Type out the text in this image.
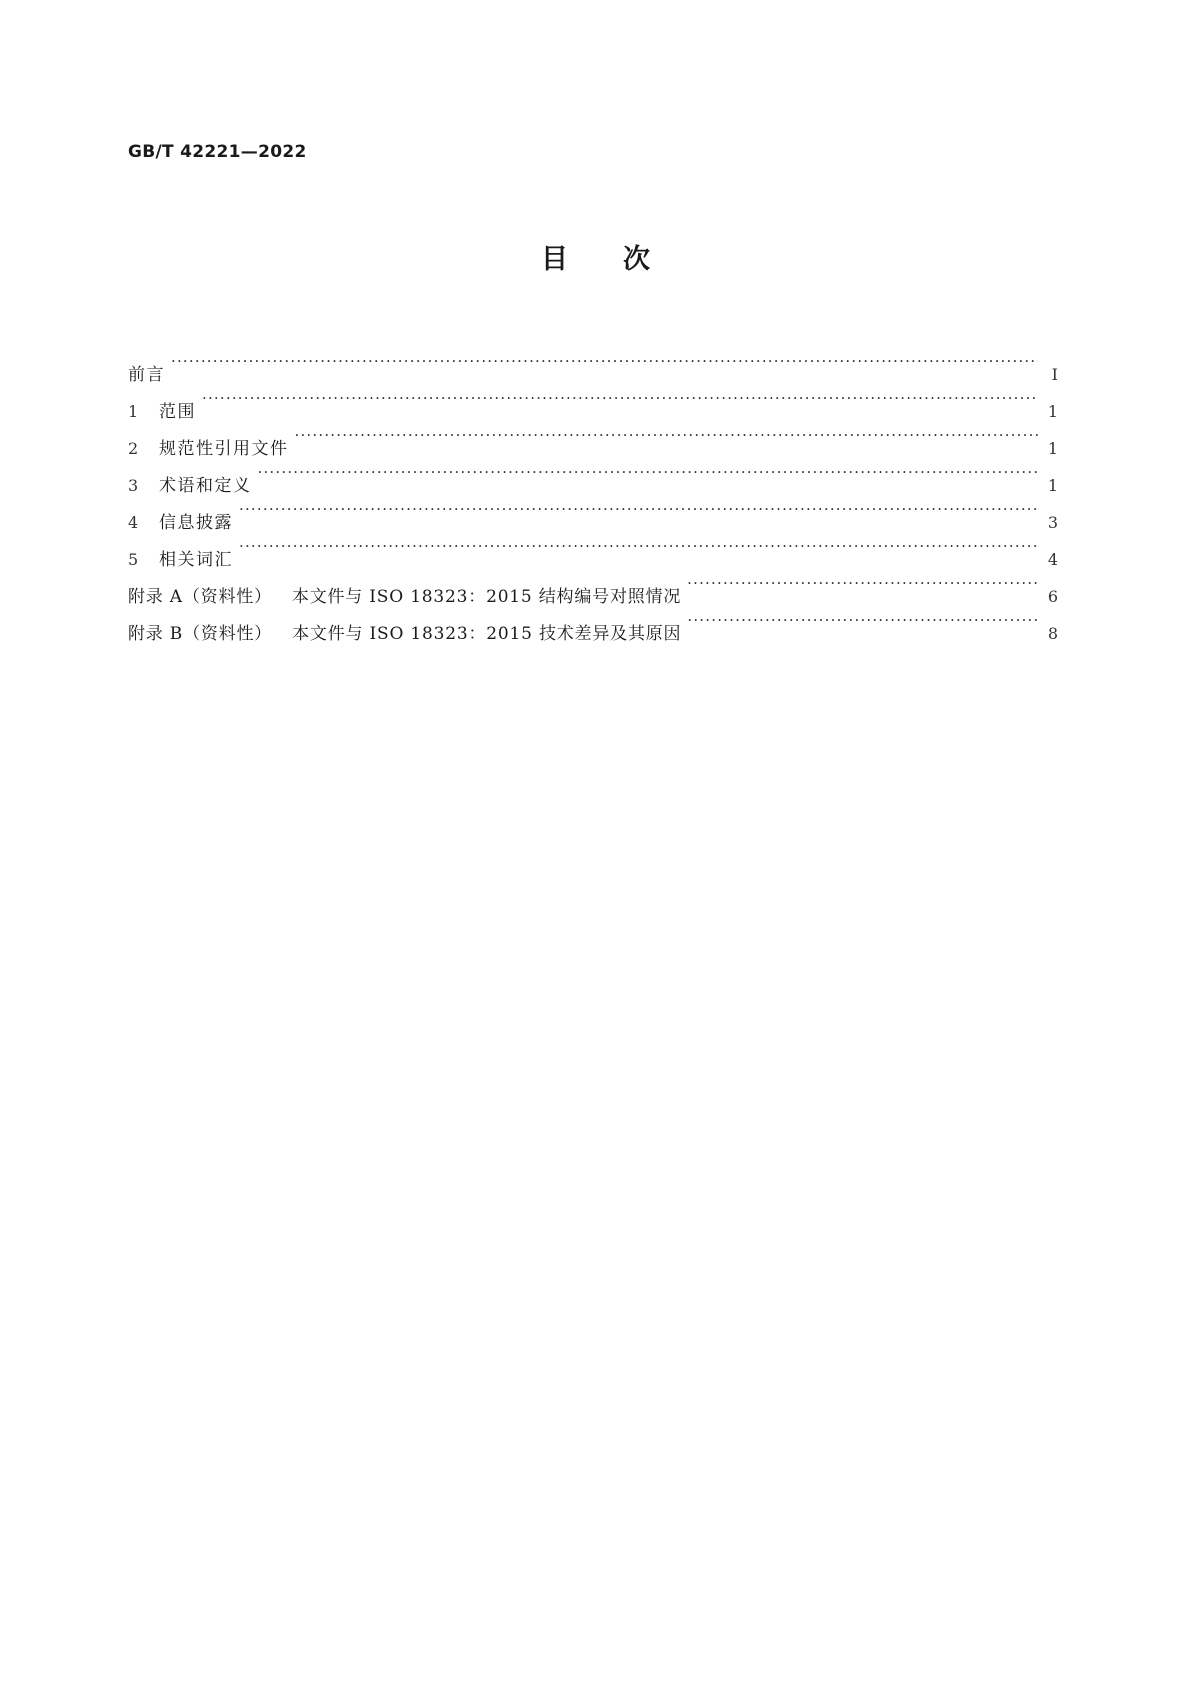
GB/T 42221—2022
目次
前言 ·····	Ⅰ
1	范围 ·····	1
2	规范性引用文件 ·····	1
3	术语和定义 ·····	1
4	信息披露 ·····	3
5	相关词汇 ·····	4
附录 A（资料性） 本文件与 ISO 18323：2015 结构编号对照情况 ·····	6
附录 B（资料性） 本文件与 ISO 18323：2015 技术差异及其原因 ·····	8
